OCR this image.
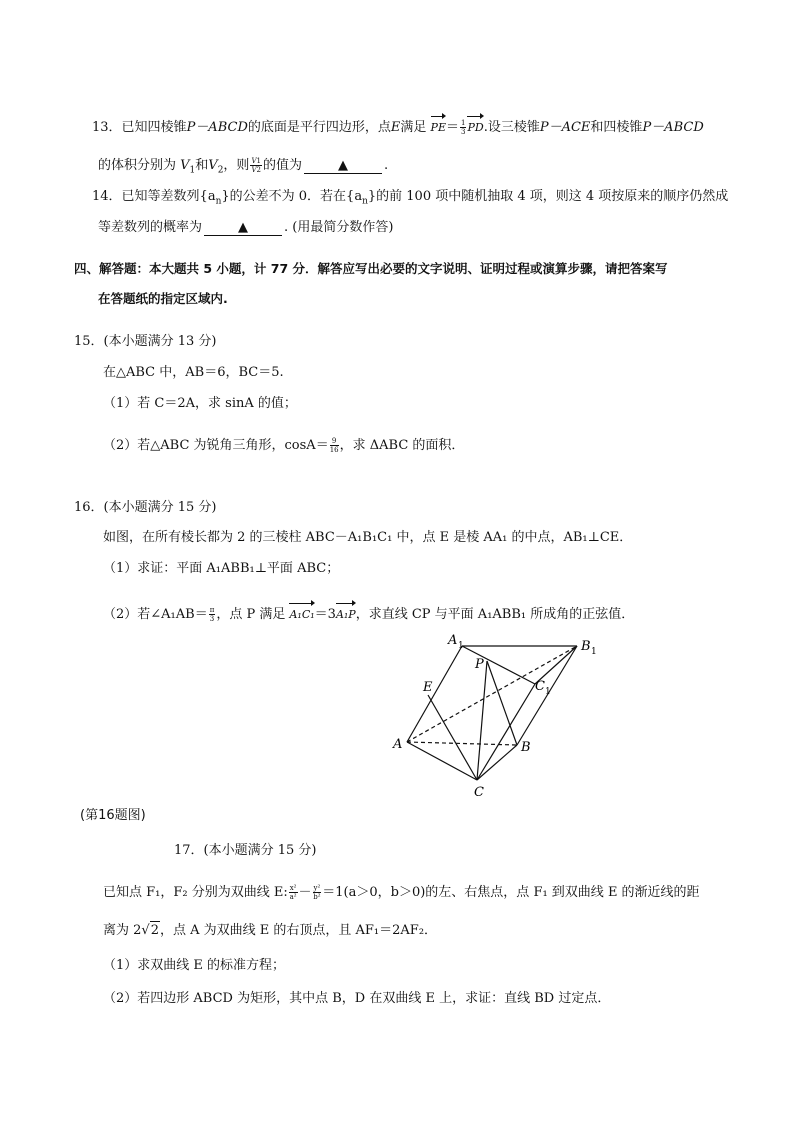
13．已知四棱锥P－ABCD的底面是平行四边形，点E满足 $PE= \frac{1}{3}$ PD.设三棱锥P－ACE和四棱锥P－ABCD
的体积分别为 $V_1$和$V_2$，则 $\frac{V1}{V2}$ 的值为	▲	.
14．已知等差数列$\{a_n\}$的公差不为 0．若在$\{a_n\}$的前 100 项中随机抽取 4 项，则这 4 项按原来的顺序仍然成
等差数列的概率为	▲	. (用最简分数作答)
四、解答题：本大题共 5 小题，计 77 分．解答应写出必要的文字说明、证明过程或演算步骤，请把答案写
在答题纸的指定区域内.
15．(本小题满分 13 分)
在△ABC 中，AB＝6，BC＝5.
（1）若 C＝2A，求 sinA 的值；
（2）若△ABC 为锐角三角形，$\cos A= \frac{9}{16}$ ，求 ΔABC 的面积．
16．(本小题满分 15 分)
如图，在所有棱长都为 2 的三棱柱 ABC－A₁B₁C₁ 中，点 E 是棱 AA₁ 的中点，AB₁⊥CE．
（1）求证：平面 A₁ABB₁⊥平面 ABC；
（2）若∠A₁AB＝ $\frac{\pi}{3}$ ，点 P 满足 A₁C₁＝3A₁P，求直线 CP 与平面 A₁ABB₁ 所成角的正弦值．
A 1	B 1
P
C 1
E
A	B
C
(第16题图)
17．(本小题满分 15 分)
已知点 F₁，F₂ 分别为双曲线 E: $\frac{\text{x²}}{\text{a²}} - \frac{\text{y²}}{\text{b²}} =1(a>0$，b＞0)的左、右焦点，点 F₁ 到双曲线 E 的渐近线的距
离为 2√2，点 A 为双曲线 E 的右顶点，且 AF₁＝2AF₂．
（1）求双曲线 E 的标准方程；
（2）若四边形 ABCD 为矩形，其中点 B，D 在双曲线 E 上，求证：直线 BD 过定点．
